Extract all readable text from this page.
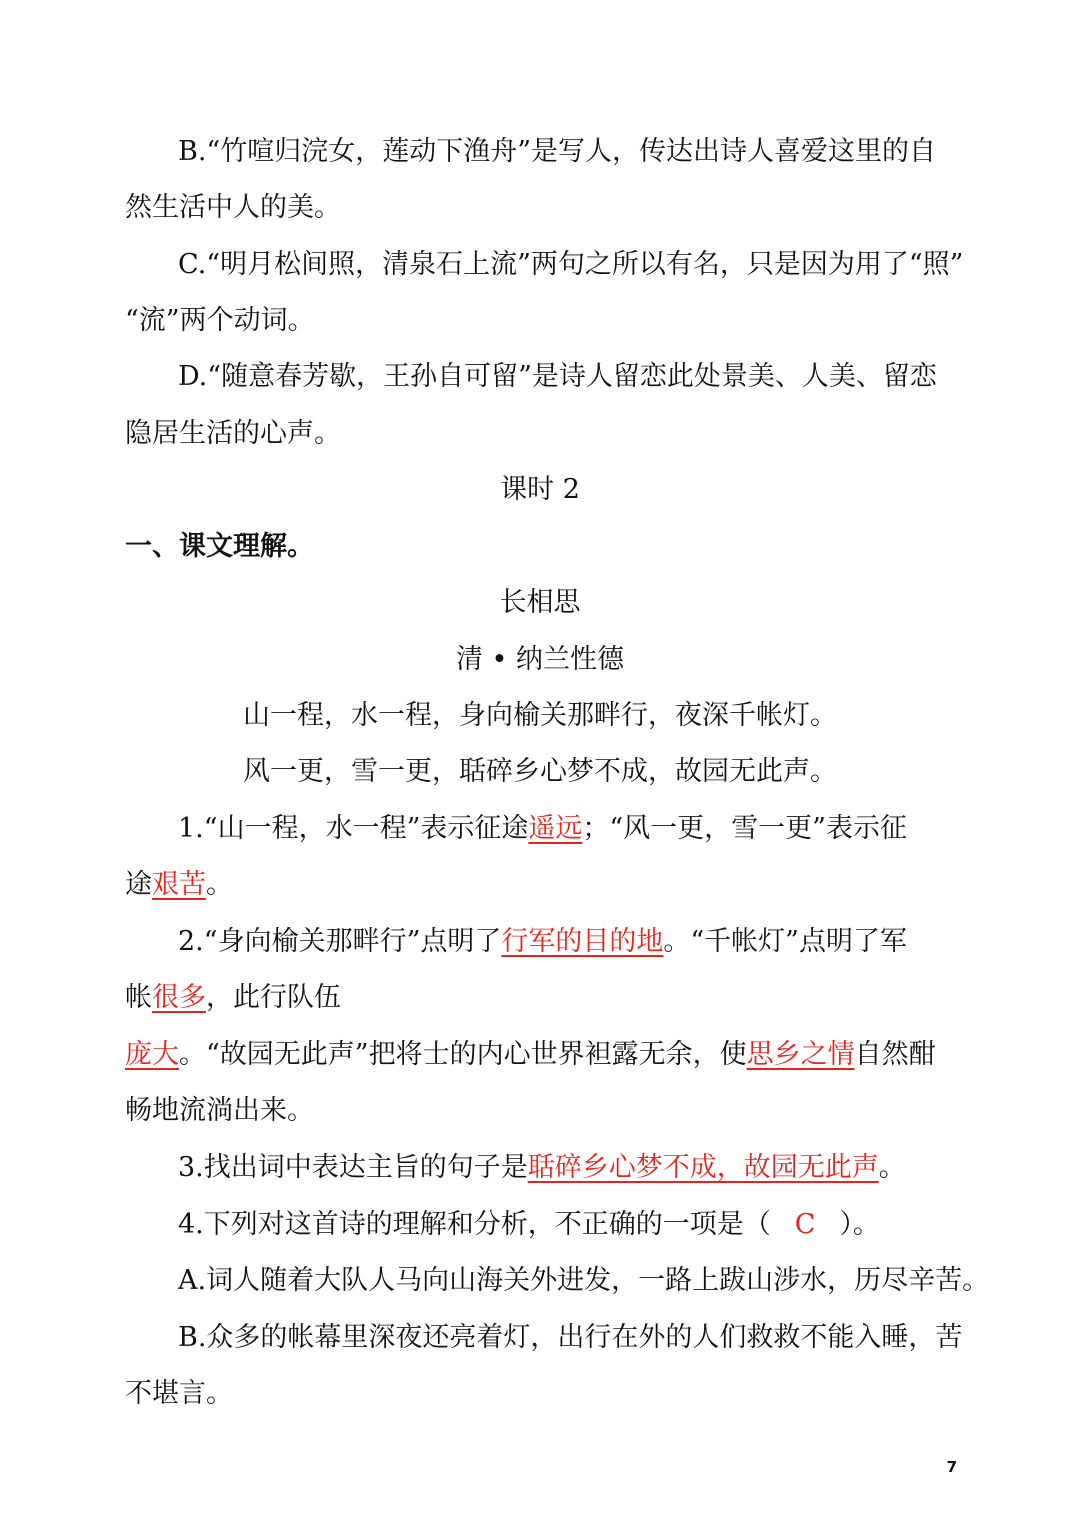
B.“竹喧归浣女，莲动下渔舟”是写人，传达出诗人喜爱这里的自
然生活中人的美。
C.“明月松间照，清泉石上流”两句之所以有名，只是因为用了“照”
“流”两个动词。
D.“随意春芳歇，王孙自可留”是诗人留恋此处景美、人美、留恋
隐居生活的心声。
课时 2
一、课文理解。
长相思
清 • 纳兰性德
山一程，水一程，身向榆关那畔行，夜深千帐灯。
风一更，雪一更，聒碎乡心梦不成，故园无此声。
1.“山一程，水一程”表示征途遥远；“风一更，雪一更”表示征
途艰苦。
2.“身向榆关那畔行”点明了行军的目的地。“千帐灯”点明了军
帐很多，此行队伍
庞大。“故园无此声”把将士的内心世界袒露无余，使思乡之情自然酣
畅地流淌出来。
3.找出词中表达主旨的句子是聒碎乡心梦不成，故园无此声。
4.下列对这首诗的理解和分析，不正确的一项是（ C ）。
A.词人随着大队人马向山海关外进发，一路上跋山涉水，历尽辛苦。
B.众多的帐幕里深夜还亮着灯，出行在外的人们救救不能入睡，苦
不堪言。
7
